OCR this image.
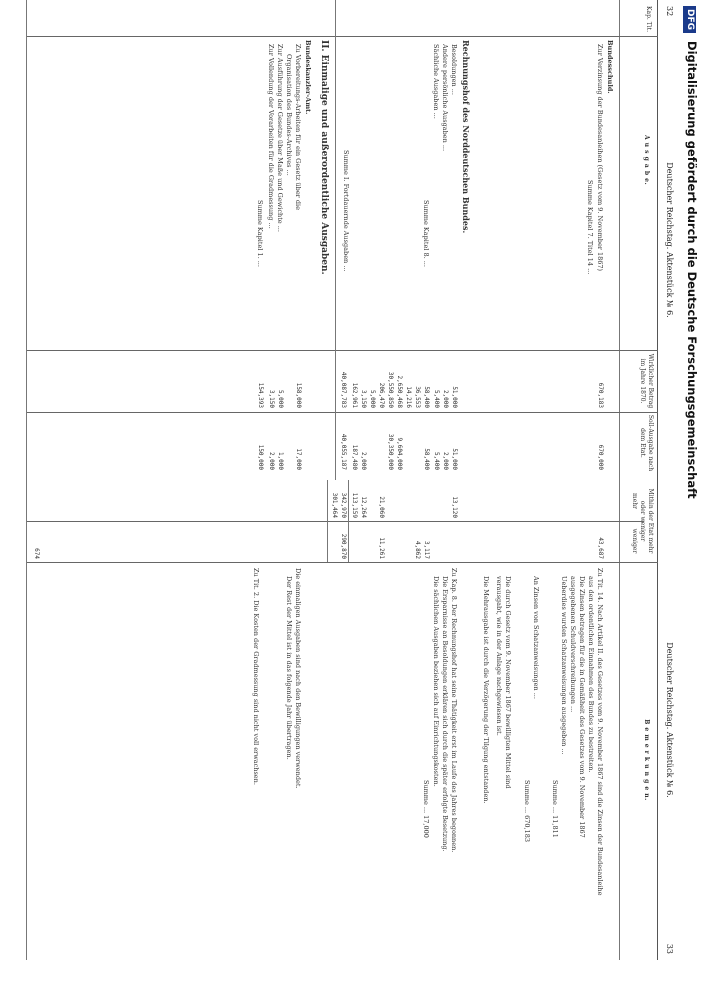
32
Deutscher Reichstag. Aktenstück № 6.
Kap. Tit.
A u s g a b e.
Wirklicher Betrag im Jahre 1870.
Soll-Ausgabe nach dem Etat.
Bundesschuld.
Zur Verzinsung der Bundesanleihen (Gesetz vom 9. November 1867)
Summe Kapitel 7. Titel 14 ...
Rechnungshof des Norddeutschen Bundes.
Besoldungen ...
Andere persönliche Ausgaben ...
Sächliche Ausgaben ...
Summe Kapitel 8. ...
Summe I. Fortdauernde Ausgaben ...
II. Einmalige und außerordentliche Ausgaben.
Bundeskanzler-Amt.
Zu Vorbereitungs-Arbeiten für ein Gesetz über die
Organisation des Bundes-Archives ...
Zur Ausführung der Gesetze über Maße und Gewichte ...
Zur Vollendung der Vorarbeiten für die Gradmessung ...
Summe Kapitel 1. ...
670,183
51,000
2,000
5,400
58,400
36,553
14,216
2,650,468
30,550,850
206,470
5,000
3,150
162,961
40,087,783
158,000
5,000
3,150
154,393
670,000
51,000
2,000
5,400
58,400
9,604,000
30,350,000
2,000
187,480
40,055,187
17,000
1,000
2,000
150,000
Deutscher Reichstag. Aktenstück № 6.
33
Mithin der Etat mehr oder weniger
mehr
weniger
B e m e r k u n g e n.
13,120
21,060
12,264
113,159
342,970
301,464
43,687
3,117
4,862
11,261
290,870
674
Zu Tit. 14. Nach Artikel II. des Gesetzes vom 9. November 1867 sind die Zinsen der Bundesanleihe
aus den ordentlichen Einnahmen des Bundes zu bestreiten.
Die Zinsen betragen für die in Gemäßheit des Gesetzes vom 9. November 1867
ausgegebenen Schuldverschreibungen ...
Ueberdies wurden Schatzanweisungen ausgegeben ...
Summe ... 11,811
An Zinsen von Schatzanweisungen ...
Summe ... 670,183
Die durch Gesetz vom 9. November 1867 bewilligten Mittel sind
verausgabt, wie in der Anlage nachgewiesen ist.
Die Mehrausgabe ist durch die Verzögerung der Tilgung entstanden.
Zu Kap. 8. Der Rechnungshof hat seine Thätigkeit erst im Laufe des Jahres begonnen.
Die Ersparnisse an Besoldungen erklären sich durch die später erfolgte Besetzung.
Die sächlichen Ausgaben beziehen sich auf Einrichtungskosten.
Summe ... 17,000
Die einmaligen Ausgaben sind nach den Bewilligungen verwendet.
Der Rest der Mittel ist in das folgende Jahr übertragen.
Zu Tit. 2. Die Kosten der Gradmessung sind nicht voll erwachsen.
DFG Digitalisierung gefördert durch die Deutsche Forschungsgemeinschaft
